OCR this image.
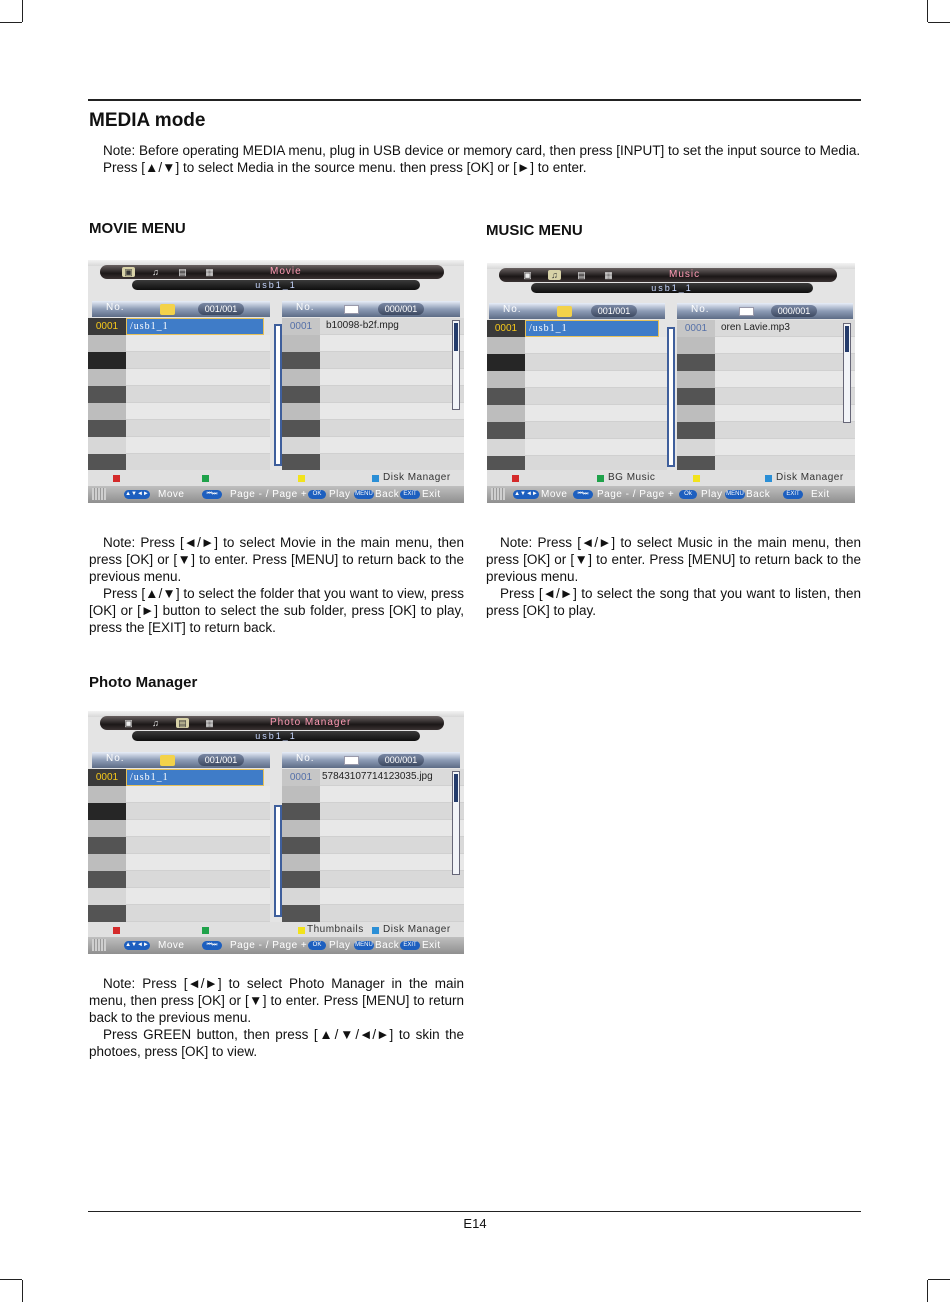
MEDIA mode

Note: Before operating MEDIA menu, plug in USB device or memory card, then press [INPUT] to set the input source to Media.

Press [▲/▼] to select Media in the source menu. then press [OK] or [►] to enter.

MOVIE MENU	MUSIC MENU
Photo Manager
▣	♫	▤ ▦	Movie
usb1_1
No.	001/001	No.	000/001
0001	/usb1_1	0001	b10098-b2f.mpg
Disk Manager
▲▼◄► Move	⏮⏭	Page - / Page + OK Play MENU Back EXIT Exit
▣	♫	▤ ▦	Music
usb1_1
No.	001/001	No.	000/001
0001	/usb1_1	0001	oren Lavie.mp3
BG Music	Disk Manager
▲▼◄► Move	⏮⏭ Page - / Page +	Ok Play MENU Back	EXIT	Exit
▣	♫	▤ ▦	Photo Manager
usb1_1
No.	001/001	No.	000/001
0001	/usb1_1	0001 57843107714123035.jpg
Thumbnails Disk Manager
▲▼◄► Move	⏮⏭	Page - / Page + OK Play MENU Back EXIT Exit

Note: Press [◄/►] to select Movie in the main menu, then press [OK] or [▼] to enter. Press [MENU] to return back to the previous menu.

Press [▲/▼] to select the folder that you want to view, press [OK] or [►] button to select the sub folder, press [OK] to play, press the [EXIT] to return back.

Note: Press [◄/►] to select Music in the main menu, then press [OK] or [▼] to enter. Press [MENU] to return back to the previous menu.

Press [◄/►] to select the song that you want to listen, then press [OK] to play.

Note: Press [◄/►] to select Photo Manager in the main menu, then press [OK] or [▼] to enter. Press [MENU] to return back to the previous menu.

Press GREEN button, then press [▲/▼/◄/►] to skin the photoes, press [OK] to view.

E14
